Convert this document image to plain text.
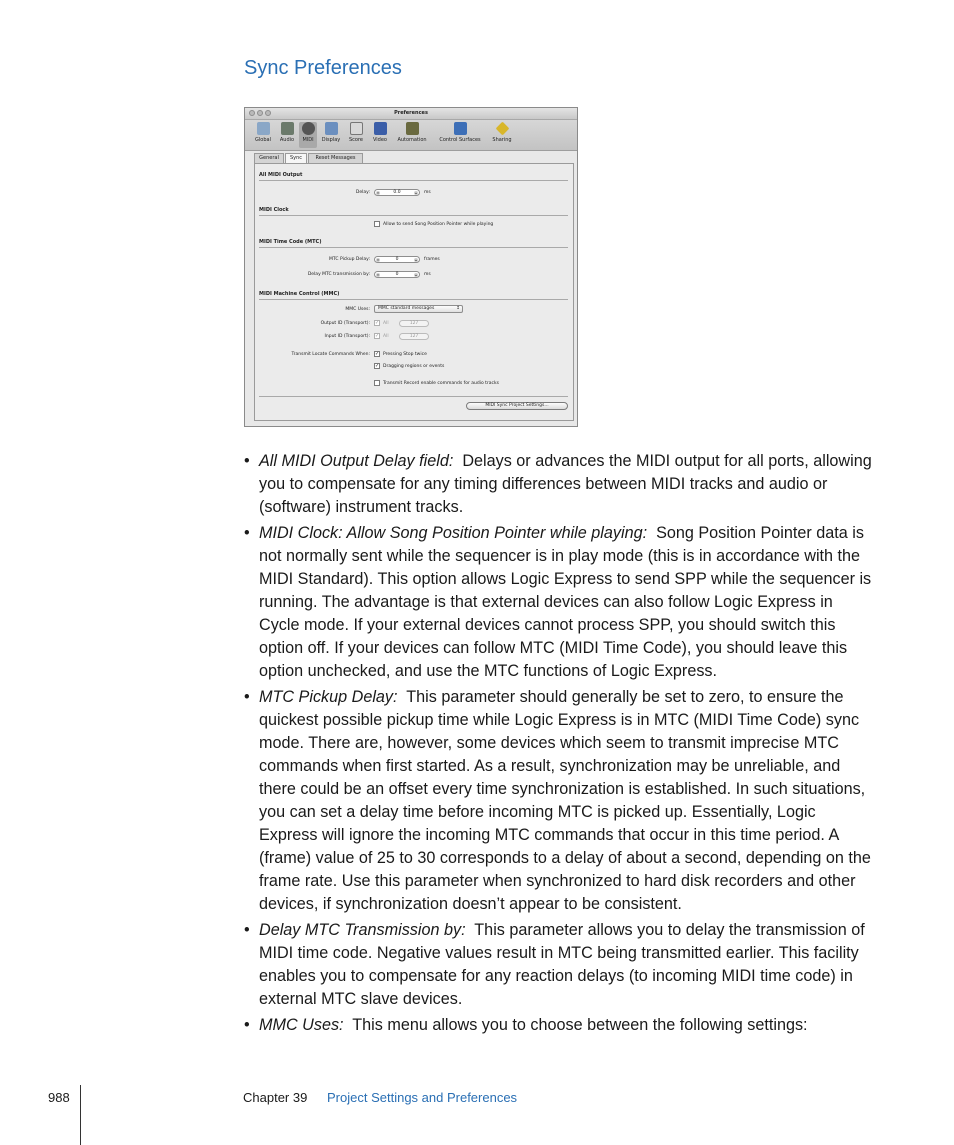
Sync Preferences
Preferences
Global	Audio	MIDI	Display	Score	Video	Automation	Control Surfaces	Sharing
General	Sync	Reset Messages
All MIDI Output
Delay:	▾	0.0	▴ ms
MIDI Clock
Allow to send Song Position Pointer while playing
MIDI Time Code (MTC)
MTC Pickup Delay:	▾	0	▴ frames
Delay MTC transmission by:	▾	0	▴ ms
MIDI Machine Control (MMC)
MMC Uses:	MMC standard messages	↕
Output ID (Transport): ✓ All	127
Input ID (Transport): ✓ All	127
Transmit Locate Commands When: ✓ Pressing Stop twice
✓ Dragging regions or events
Transmit Record enable commands for audio tracks
MIDI Sync Project Settings...
• All MIDI Output Delay field: Delays or advances the MIDI output for all ports, allowing you to compensate for any timing differences between MIDI tracks and audio or (software) instrument tracks.
• MIDI Clock: Allow Song Position Pointer while playing: Song Position Pointer data is not normally sent while the sequencer is in play mode (this is in accordance with the MIDI Standard). This option allows Logic Express to send SPP while the sequencer is running. The advantage is that external devices can also follow Logic Express in Cycle mode. If your external devices cannot process SPP, you should switch this option off. If your devices can follow MTC (MIDI Time Code), you should leave this option unchecked, and use the MTC functions of Logic Express.
• MTC Pickup Delay: This parameter should generally be set to zero, to ensure the quickest possible pickup time while Logic Express is in MTC (MIDI Time Code) sync mode. There are, however, some devices which seem to transmit imprecise MTC commands when first started. As a result, synchronization may be unreliable, and there could be an offset every time synchronization is established. In such situations, you can set a delay time before incoming MTC is picked up. Essentially, Logic Express will ignore the incoming MTC commands that occur in this time period. A (frame) value of 25 to 30 corresponds to a delay of about a second, depending on the frame rate. Use this parameter when synchronized to hard disk recorders and other devices, if synchronization doesn’t appear to be consistent.
• Delay MTC Transmission by: This parameter allows you to delay the transmission of MIDI time code. Negative values result in MTC being transmitted earlier. This facility enables you to compensate for any reaction delays (to incoming MIDI time code) in external MTC slave devices.
• MMC Uses: This menu allows you to choose between the following settings:
988	Chapter 39 Project Settings and Preferences
